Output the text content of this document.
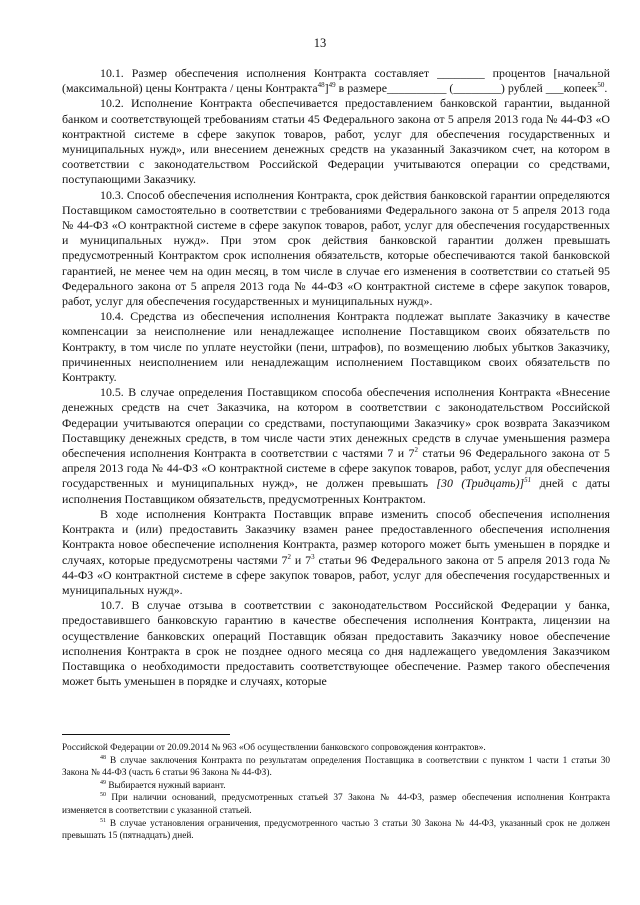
13

10.1. Размер обеспечения исполнения Контракта составляет ________ процентов [начальной (максимальной) цены Контракта / цены Контракта$^{48}$]$^{49}$ в размере__________ (________) рублей ___копеек$^{50}$.

10.2. Исполнение Контракта обеспечивается предоставлением банковской гарантии, выданной банком и соответствующей требованиям статьи 45 Федерального закона от 5 апреля 2013 года № 44-ФЗ «О контрактной системе в сфере закупок товаров, работ, услуг для обеспечения государственных и муниципальных нужд», или внесением денежных средств на указанный Заказчиком счет, на котором в соответствии с законодательством Российской Федерации учитываются операции со средствами, поступающими Заказчику.

10.3. Способ обеспечения исполнения Контракта, срок действия банковской гарантии определяются Поставщиком самостоятельно в соответствии с требованиями Федерального закона от 5 апреля 2013 года № 44-ФЗ «О контрактной системе в сфере закупок товаров, работ, услуг для обеспечения государственных и муниципальных нужд». При этом срок действия банковской гарантии должен превышать предусмотренный Контрактом срок исполнения обязательств, которые обеспечиваются такой банковской гарантией, не менее чем на один месяц, в том числе в случае его изменения в соответствии со статьей 95 Федерального закона от 5 апреля 2013 года № 44-ФЗ «О контрактной системе в сфере закупок товаров, работ, услуг для обеспечения государственных и муниципальных нужд».

10.4. Средства из обеспечения исполнения Контракта подлежат выплате Заказчику в качестве компенсации за неисполнение или ненадлежащее исполнение Поставщиком своих обязательств по Контракту, в том числе по уплате неустойки (пени, штрафов), по возмещению любых убытков Заказчику, причиненных неисполнением или ненадлежащим исполнением Поставщиком своих обязательств по Контракту.

10.5. В случае определения Поставщиком способа обеспечения исполнения Контракта «Внесение денежных средств на счет Заказчика, на котором в соответствии с законодательством Российской Федерации учитываются операции со средствами, поступающими Заказчику» срок возврата Заказчиком Поставщику денежных средств, в том числе части этих денежных средств в случае уменьшения размера обеспечения исполнения Контракта в соответствии с частями 7 и $7^2$ статьи 96 Федерального закона от 5 апреля 2013 года № 44-ФЗ «О контрактной системе в сфере закупок товаров, работ, услуг для обеспечения государственных и муниципальных нужд», не должен превышать [30 (Тридцать)]$^{51}$ дней с даты исполнения Поставщиком обязательств, предусмотренных Контрактом.

В ходе исполнения Контракта Поставщик вправе изменить способ обеспечения исполнения Контракта и (или) предоставить Заказчику взамен ранее предоставленного обеспечения исполнения Контракта новое обеспечение исполнения Контракта, размер которого может быть уменьшен в порядке и случаях, которые предусмотрены частями $7^2$ и $7^3$ статьи 96 Федерального закона от 5 апреля 2013 года № 44-ФЗ «О контрактной системе в сфере закупок товаров, работ, услуг для обеспечения государственных и муниципальных нужд».

10.7. В случае отзыва в соответствии с законодательством Российской Федерации у банка, предоставившего банковскую гарантию в качестве обеспечения исполнения Контракта, лицензии на осуществление банковских операций Поставщик обязан предоставить Заказчику новое обеспечение исполнения Контракта в срок не позднее одного месяца со дня надлежащего уведомления Заказчиком Поставщика о необходимости предоставить соответствующее обеспечение. Размер такого обеспечения может быть уменьшен в порядке и случаях, которые

Российской Федерации от 20.09.2014 № 963 «Об осуществлении банковского сопровождения контрактов».

$^{48}$ В случае заключения Контракта по результатам определения Поставщика в соответствии с пунктом 1 части 1 статьи 30 Закона № 44-ФЗ (часть 6 статьи 96 Закона № 44-ФЗ).

$^{49}$ Выбирается нужный вариант.

$^{50}$ При наличии оснований, предусмотренных статьей 37 Закона № 44-ФЗ, размер обеспечения исполнения Контракта изменяется в соответствии с указанной статьей.

$^{51}$ В случае установления ограничения, предусмотренного частью 3 статьи 30 Закона № 44-ФЗ, указанный срок не должен превышать 15 (пятнадцать) дней.
